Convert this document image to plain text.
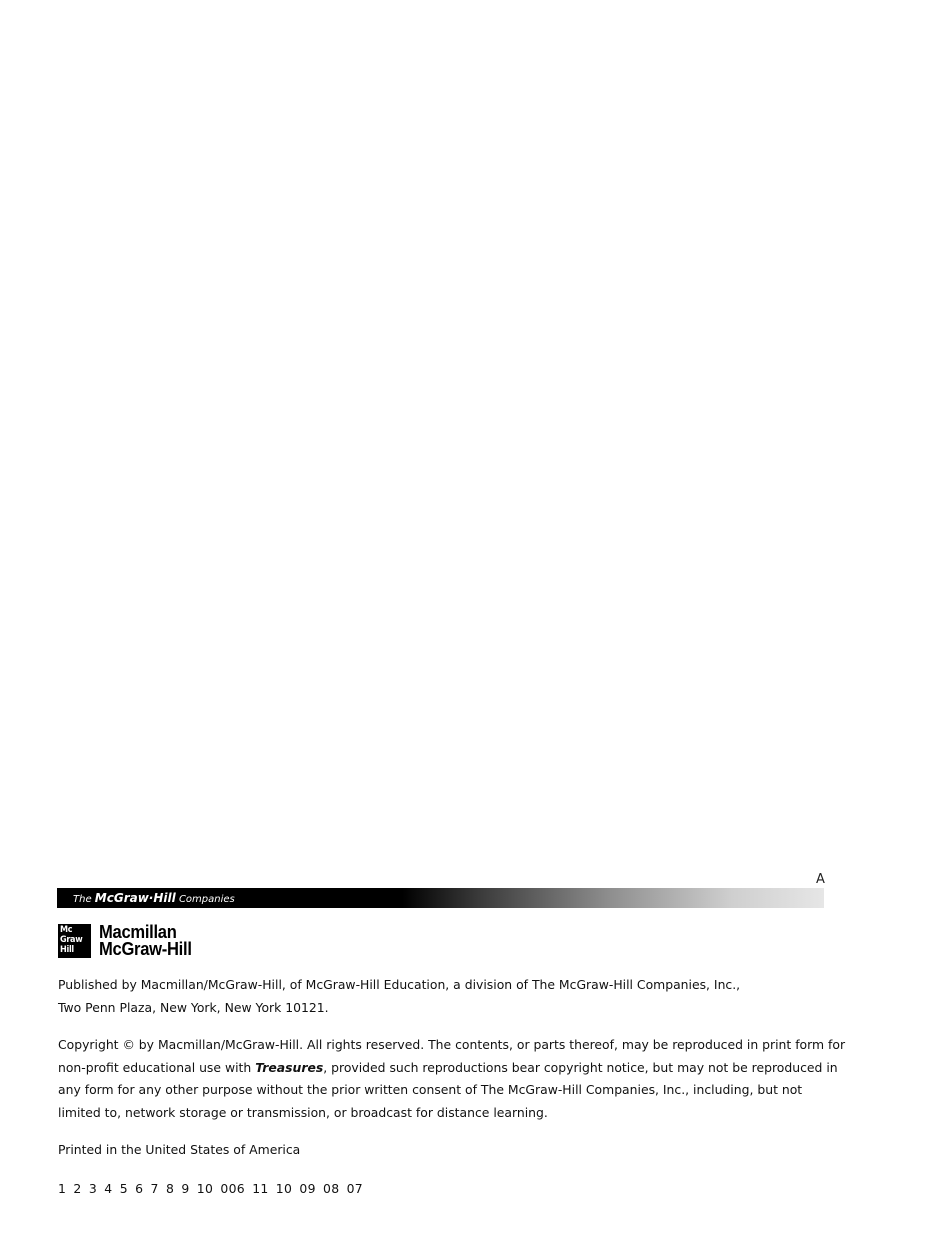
A
The McGraw·Hill Companies
Mc
Graw
Hill
Macmillan
McGraw-Hill
Published by Macmillan/McGraw-Hill, of McGraw-Hill Education, a division of The McGraw-Hill Companies, Inc.,
Two Penn Plaza, New York, New York 10121.
Copyright © by Macmillan/McGraw-Hill. All rights reserved. The contents, or parts thereof, may be reproduced in print form for non-profit educational use with Treasures, provided such reproductions bear copyright notice, but may not be reproduced in any form for any other purpose without the prior written consent of The McGraw-Hill Companies, Inc., including, but not limited to, network storage or transmission, or broadcast for distance learning.
Printed in the United States of America
1 2 3 4 5 6 7 8 9 10 006 11 10 09 08 07
